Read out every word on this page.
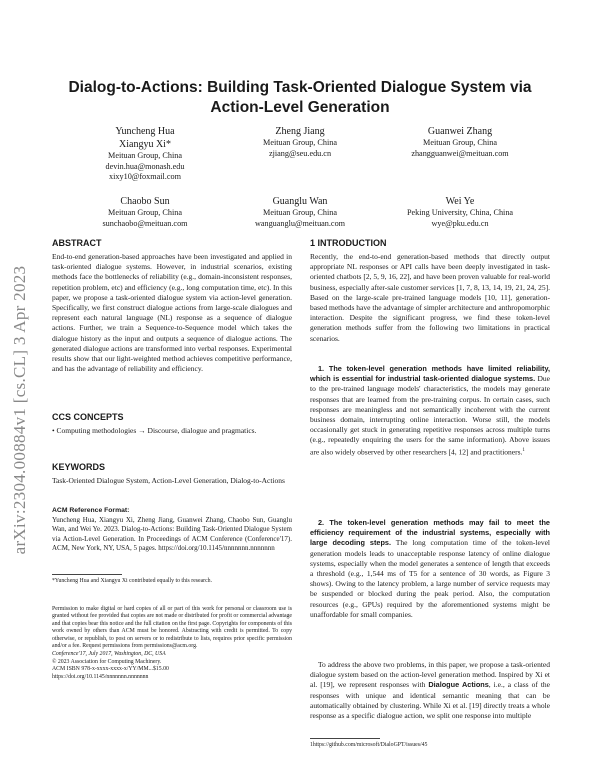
arXiv:2304.00884v1 [cs.CL] 3 Apr 2023
Dialog-to-Actions: Building Task-Oriented Dialogue System via Action-Level Generation
Yuncheng Hua
Xiangyu Xi*
Meituan Group, China
devin.hua@monash.edu
xixy10@foxmail.com
Zheng Jiang
Meituan Group, China
zjiang@seu.edu.cn
Guanwei Zhang
Meituan Group, China
zhangguanwei@meituan.com
Chaobo Sun
Meituan Group, China
sunchaobo@meituan.com
Guanglu Wan
Meituan Group, China
wanguanglu@meituan.com
Wei Ye
Peking University, China, China
wye@pku.edu.cn
ABSTRACT
End-to-end generation-based approaches have been investigated and applied in task-oriented dialogue systems. However, in industrial scenarios, existing methods face the bottlenecks of reliability (e.g., domain-inconsistent responses, repetition problem, etc) and efficiency (e.g., long computation time, etc). In this paper, we propose a task-oriented dialogue system via action-level generation. Specifically, we first construct dialogue actions from large-scale dialogues and represent each natural language (NL) response as a sequence of dialogue actions. Further, we train a Sequence-to-Sequence model which takes the dialogue history as the input and outputs a sequence of dialogue actions. The generated dialogue actions are transformed into verbal responses. Experimental results show that our light-weighted method achieves competitive performance, and has the advantage of reliability and efficiency.
CCS CONCEPTS
• Computing methodologies → Discourse, dialogue and pragmatics.
KEYWORDS
Task-Oriented Dialogue System, Action-Level Generation, Dialog-to-Actions
ACM Reference Format:
Yuncheng Hua, Xiangyu Xi, Zheng Jiang, Guanwei Zhang, Chaobo Sun, Guanglu Wan, and Wei Ye. 2023. Dialog-to-Actions: Building Task-Oriented Dialogue System via Action-Level Generation. In Proceedings of ACM Conference (Conference'17). ACM, New York, NY, USA, 5 pages. https://doi.org/10.1145/nnnnnnn.nnnnnnn
*Yuncheng Hua and Xiangyu Xi contributed equally to this research.
Permission to make digital or hard copies of all or part of this work for personal or classroom use is granted without fee provided that copies are not made or distributed for profit or commercial advantage and that copies bear this notice and the full citation on the first page. Copyrights for components of this work owned by others than ACM must be honored. Abstracting with credit is permitted. To copy otherwise, or republish, to post on servers or to redistribute to lists, requires prior specific permission and/or a fee. Request permissions from permissions@acm.org.
Conference'17, July 2017, Washington, DC, USA
© 2023 Association for Computing Machinery.
ACM ISBN 978-x-xxxx-xxxx-x/YY/MM...$15.00
https://doi.org/10.1145/nnnnnnn.nnnnnnn
1 INTRODUCTION
Recently, the end-to-end generation-based methods that directly output appropriate NL responses or API calls have been deeply investigated in task-oriented chatbots [2, 5, 9, 16, 22], and have been proven valuable for real-world business, especially after-sale customer services [1, 7, 8, 13, 14, 19, 21, 24, 25]. Based on the large-scale pre-trained language models [10, 11], generation-based methods have the advantage of simpler architecture and anthropomorphic interaction. Despite the significant progress, we find these token-level generation methods suffer from the following two limitations in practical scenarios.
1. The token-level generation methods have limited reliability, which is essential for industrial task-oriented dialogue systems. Due to the pre-trained language models' characteristics, the models may generate responses that are learned from the pre-training corpus. In certain cases, such responses are meaningless and not semantically incoherent with the current business domain, interrupting online interaction. Worse still, the models occasionally get stuck in generating repetitive responses across multiple turns (e.g., repeatedly enquiring the users for the same information). Above issues are also widely observed by other researchers [4, 12] and practitioners.$^1$
2. The token-level generation methods may fail to meet the efficiency requirement of the industrial systems, especially with large decoding steps. The long computation time of the token-level generation models leads to unacceptable response latency of online dialogue systems, especially when the model generates a sentence of length that exceeds a threshold (e.g., 1,544 ms of T5 for a sentence of 30 words, as Figure 3 shows). Owing to the latency problem, a large number of service requests may be suspended or blocked during the peak period. Also, the computation resources (e.g., GPUs) required by the aforementioned systems might be unaffordable for small companies.
To address the above two problems, in this paper, we propose a task-oriented dialogue system based on the action-level generation method. Inspired by Xi et al. [19], we represent responses with Dialogue Actions, i.e., a class of the responses with unique and identical semantic meaning that can be automatically obtained by clustering. While Xi et al. [19] directly treats a whole response as a specific dialogue action, we split one response into multiple
1https://github.com/microsoft/DialoGPT/issues/45
